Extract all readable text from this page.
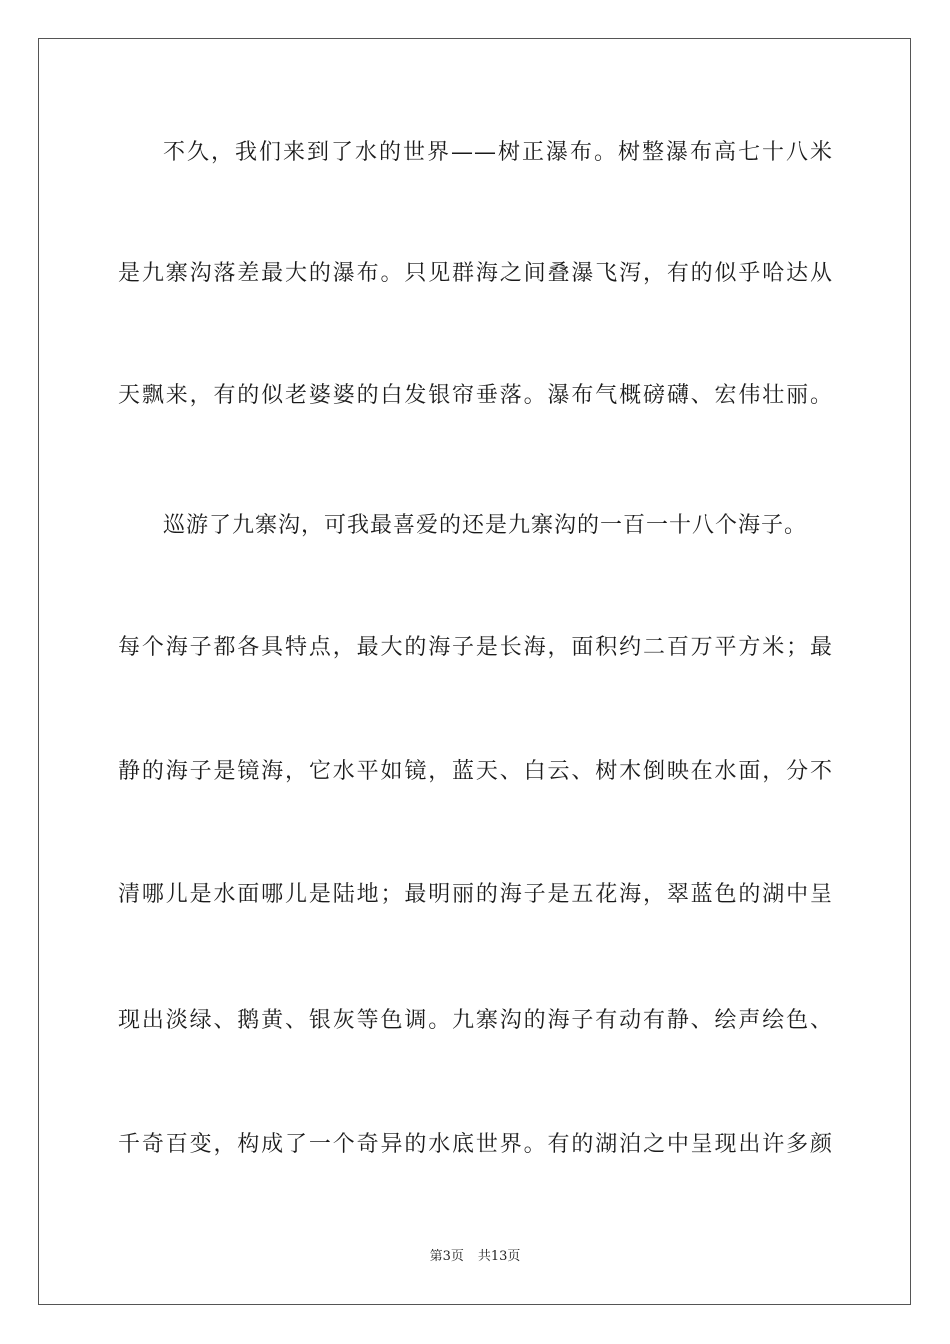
不久，我们来到了水的世界——树正瀑布。树整瀑布高七十八米
是九寨沟落差最大的瀑布。只见群海之间叠瀑飞泻，有的似乎哈达从
天飘来，有的似老婆婆的白发银帘垂落。瀑布气概磅礴、宏伟壮丽。
巡游了九寨沟，可我最喜爱的还是九寨沟的一百一十八个海子。
每个海子都各具特点，最大的海子是长海，面积约二百万平方米；最
静的海子是镜海，它水平如镜，蓝天、白云、树木倒映在水面，分不
清哪儿是水面哪儿是陆地；最明丽的海子是五花海，翠蓝色的湖中呈
现出淡绿、鹅黄、银灰等色调。九寨沟的海子有动有静、绘声绘色、
千奇百变，构成了一个奇异的水底世界。有的湖泊之中呈现出许多颜
第3页 共13页
